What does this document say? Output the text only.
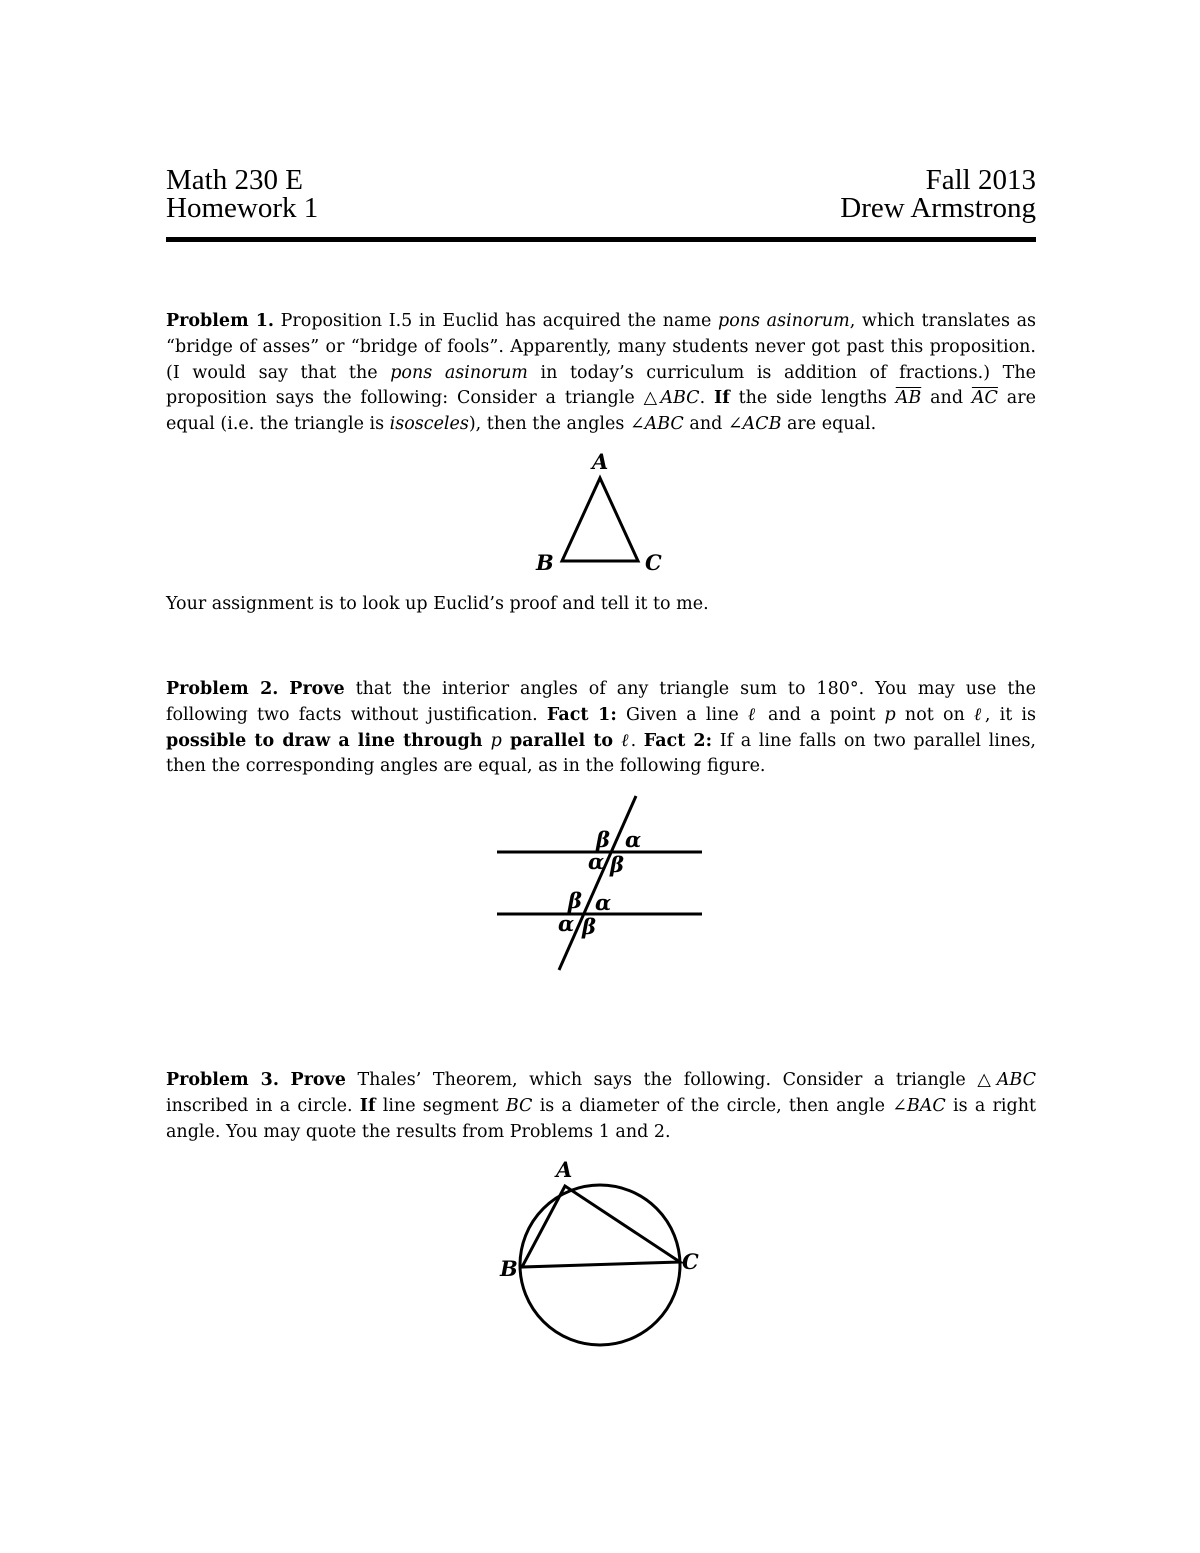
Math 230 E	Fall 2013
Homework 1	Drew Armstrong

Problem 1. Proposition I.5 in Euclid has acquired the name pons asinorum, which translates as “bridge of asses” or “bridge of fools”. Apparently, many students never got past this proposition. (I would say that the pons asinorum in today’s curriculum is addition of fractions.) The proposition says the following: Consider a triangle △ABC. If the side lengths $\overline{AB}$ and $\overline{AC}$ are equal (i.e. the triangle is isosceles), then the angles ∠ABC and ∠ACB are equal.

A
B	C

Your assignment is to look up Euclid’s proof and tell it to me.

Problem 2. Prove that the interior angles of any triangle sum to 180°. You may use the following two facts without justification. Fact 1: Given a line ℓ and a point p not on ℓ, it is possible to draw a line through p parallel to ℓ. Fact 2: If a line falls on two parallel lines, then the corresponding angles are equal, as in the following figure.

β α
α β
β α
α β

Problem 3. Prove Thales’ Theorem, which says the following. Consider a triangle △ABC inscribed in a circle. If line segment BC is a diameter of the circle, then angle ∠BAC is a right angle. You may quote the results from Problems 1 and 2.

A
B	C
